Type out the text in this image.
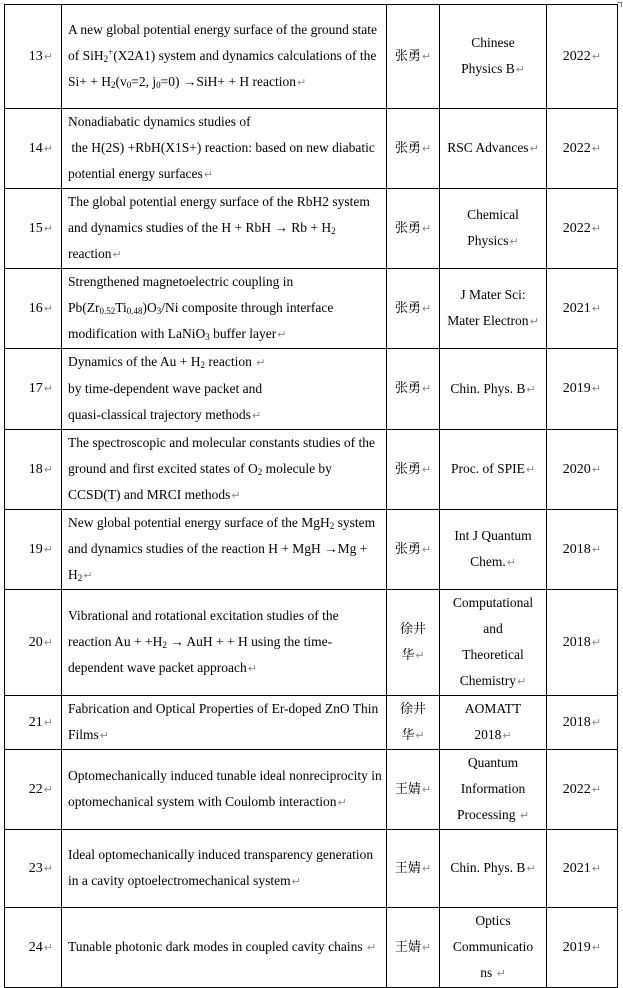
13↵	A new global potential energy surface of the ground state of SiH$_2$+(X2A1) system and dynamics calculations of the $Si+ + H_2(v_0=2$, $j_0=0) \to SiH+ + H$ reaction↵	张勇↵	Chinese
Physics B↵	2022↵
14↵	Nonadiabatic dynamics studies of
the H(2S) +RbH(X1S+) reaction: based on new diabatic potential energy surfaces↵	张勇↵	RSC Advances↵	2022↵
15↵	The global potential energy surface of the RbH2 system and dynamics studies of the H + RbH → $Rb + H_2$ reaction↵	张勇↵	Chemical
Physics↵	2022↵
16↵	Strengthened magnetoelectric coupling in $Pb(Zr_{0.52}Ti_{0.48})O_3/Ni$ composite through interface modification with LaNiO$_3$ buffer layer↵	张勇↵	J Mater Sci:
Mater Electron↵	2021↵
17↵	Dynamics of the $Au + H_2$ reaction ↵
by time-dependent wave packet and
quasi-classical trajectory methods↵	张勇↵	Chin. Phys. B↵	2019↵
18↵	The spectroscopic and molecular constants studies of the ground and first excited states of $O_2$ molecule by CCSD(T) and MRCI methods↵	张勇↵	Proc. of SPIE↵	2020↵
19↵	New global potential energy surface of the MgH$_2$ system and dynamics studies of the reaction H + MgH $\to Mg + H_2↵$	张勇↵	Int J Quantum
Chem.↵	2018↵
20↵	Vibrational and rotational excitation studies of the reaction $Au + +H_2$ → AuH + + H using the time-dependent wave packet approach↵	徐井
华↵	Computational
and
Theoretical
Chemistry↵	2018↵
21↵	Fabrication and Optical Properties of Er-doped ZnO Thin Films↵	徐井
华↵	AOMATT
2018↵	2018↵
22↵	Optomechanically induced tunable ideal nonreciprocity in optomechanical system with Coulomb interaction↵	王婧↵	Quantum
Information
Processing ↵	2022↵
23↵	Ideal optomechanically induced transparency generation in a cavity optoelectromechanical system↵	王婧↵	Chin. Phys. B↵	2021↵
24↵	Tunable photonic dark modes in coupled cavity chains ↵	王婧↵	Optics
Communicatio
ns ↵	2019↵
